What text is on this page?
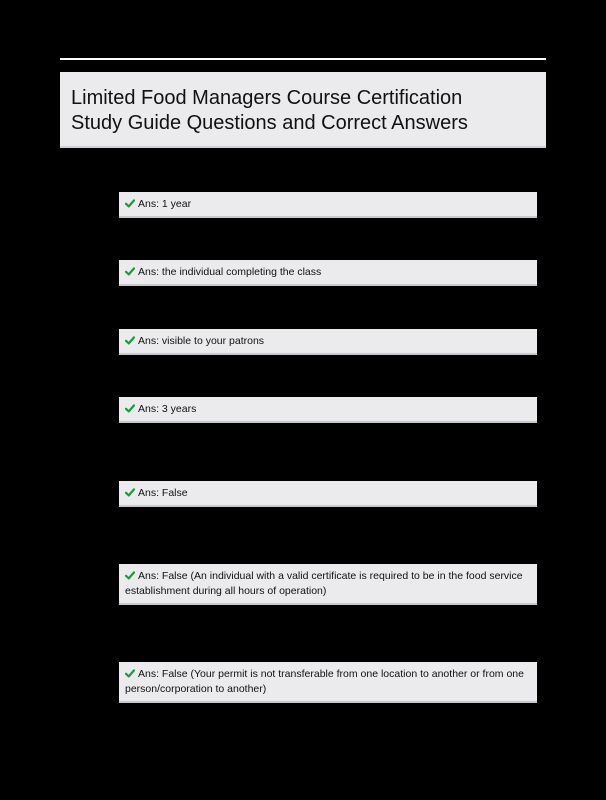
Limited Food Managers Course Certification
Study Guide Questions and Correct Answers
Ans: 1 year
Ans: the individual completing the class
Ans: visible to your patrons
Ans: 3 years
Ans: False
Ans: False (An individual with a valid certificate is required to be in the food service establishment during all hours of operation)
Ans: False (Your permit is not transferable from one location to another or from one person/corporation to another)
